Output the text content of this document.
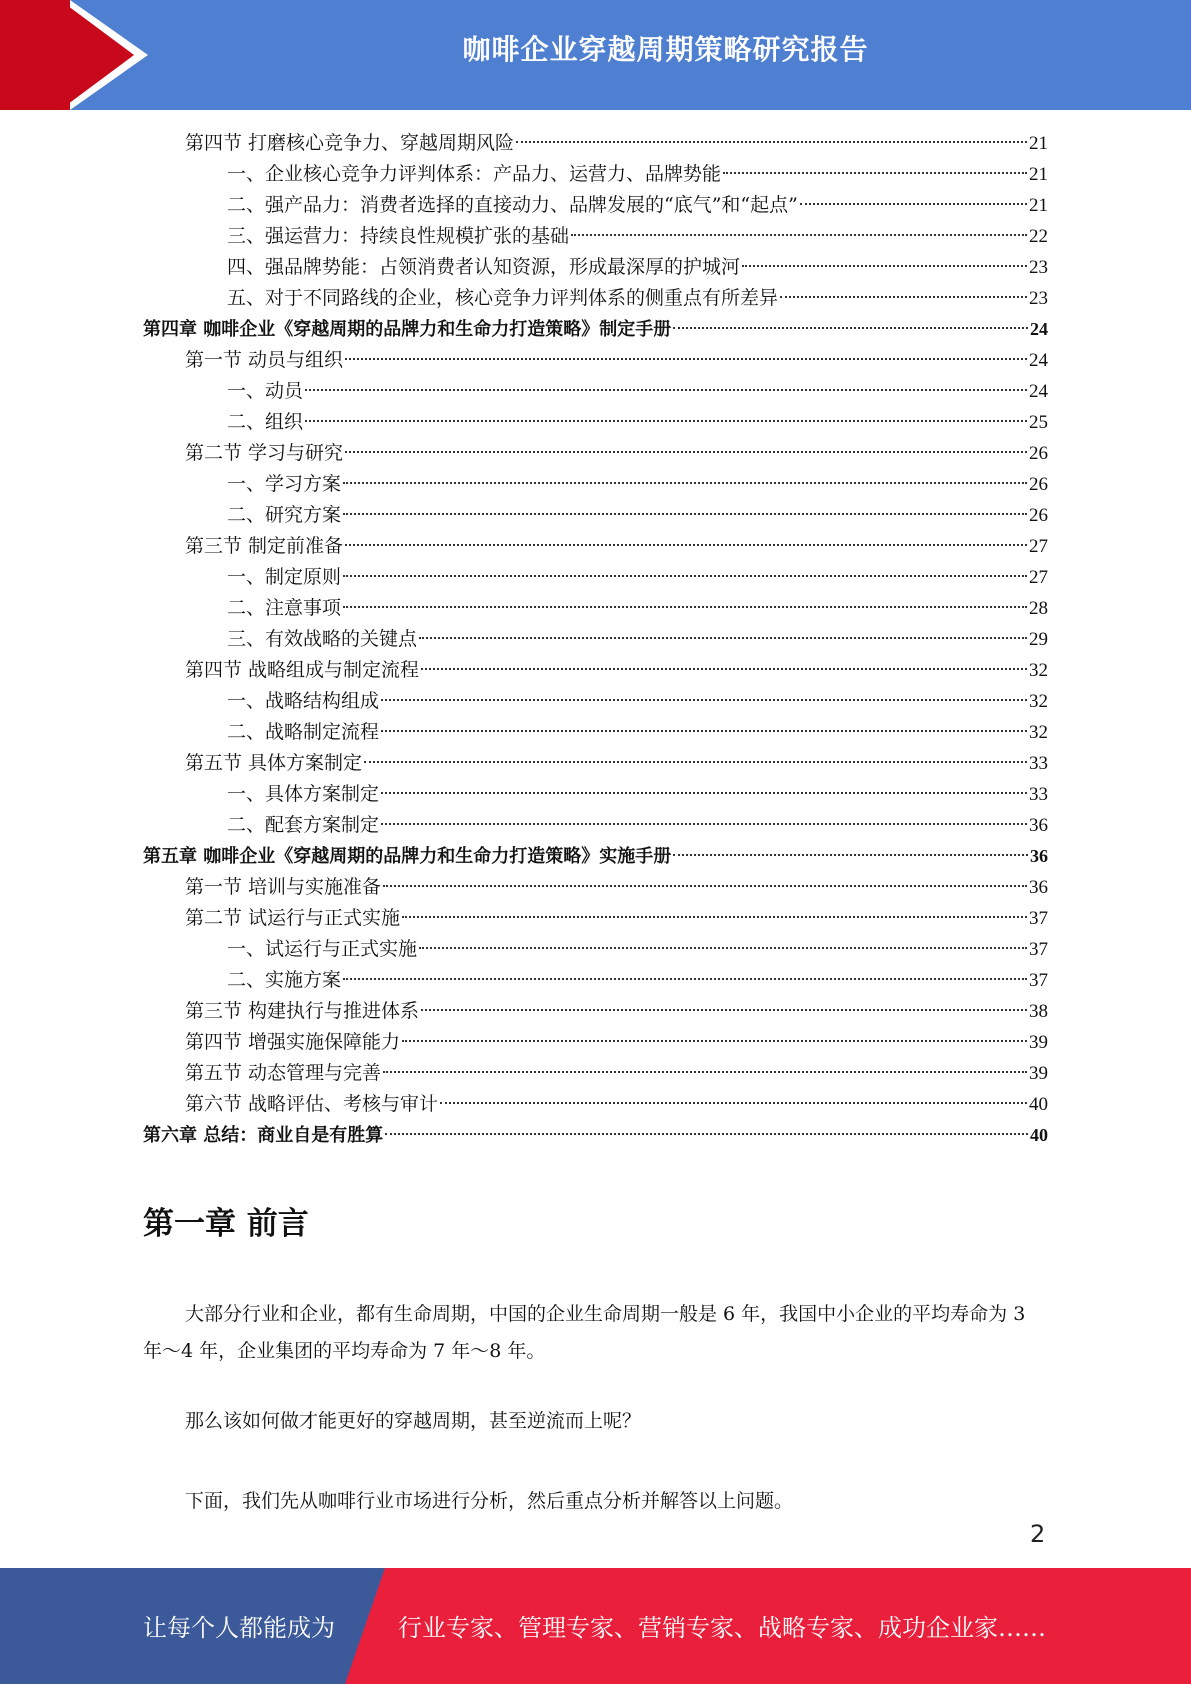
咖啡企业穿越周期策略研究报告
第四节 打磨核心竞争力、穿越周期风险	21
一、企业核心竞争力评判体系：产品力、运营力、品牌势能	21
二、强产品力：消费者选择的直接动力、品牌发展的“底气”和“起点”	21
三、强运营力：持续良性规模扩张的基础	22
四、强品牌势能：占领消费者认知资源，形成最深厚的护城河	23
五、对于不同路线的企业，核心竞争力评判体系的侧重点有所差异	23
第四章 咖啡企业《穿越周期的品牌力和生命力打造策略》制定手册	24
第一节 动员与组织	24
一、动员	24
二、组织	25
第二节 学习与研究	26
一、学习方案	26
二、研究方案	26
第三节 制定前准备	27
一、制定原则	27
二、注意事项	28
三、有效战略的关键点	29
第四节 战略组成与制定流程	32
一、战略结构组成	32
二、战略制定流程	32
第五节 具体方案制定	33
一、具体方案制定	33
二、配套方案制定	36
第五章 咖啡企业《穿越周期的品牌力和生命力打造策略》实施手册	36
第一节 培训与实施准备	36
第二节 试运行与正式实施	37
一、试运行与正式实施	37
二、实施方案	37
第三节 构建执行与推进体系	38
第四节 增强实施保障能力	39
第五节 动态管理与完善	39
第六节 战略评估、考核与审计	40
第六章 总结：商业自是有胜算	40
第一章 前言

大部分行业和企业，都有生命周期，中国的企业生命周期一般是 6 年，我国中小企业的平均寿命为 3 年～4 年，企业集团的平均寿命为 7 年～8 年。

那么该如何做才能更好的穿越周期，甚至逆流而上呢？

下面，我们先从咖啡行业市场进行分析，然后重点分析并解答以上问题。

2
让每个人都能成为	行业专家、管理专家、营销专家、战略专家、成功企业家……
